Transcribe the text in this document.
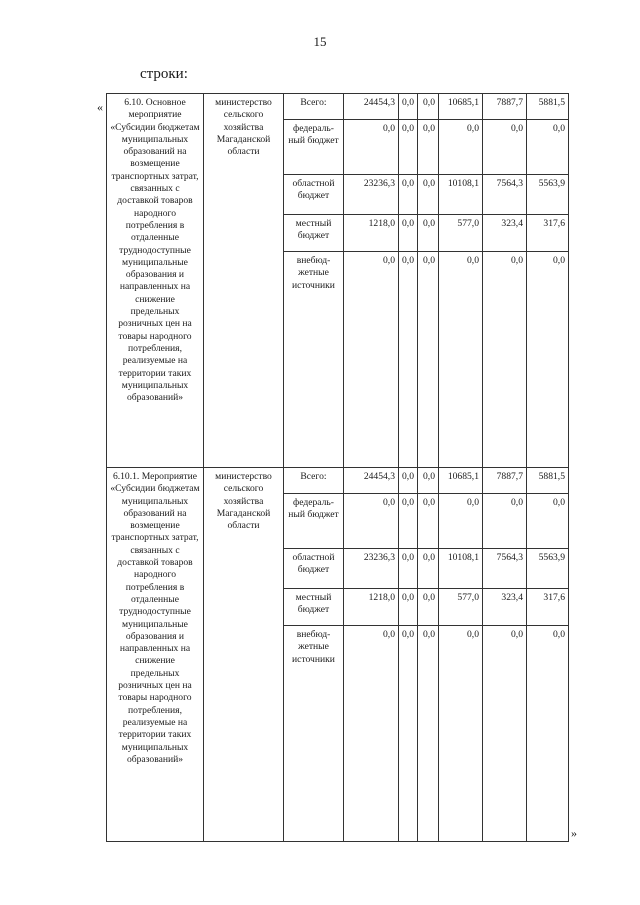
15
строки:
«
»
6.10. Основное мероприятие «Субсидии бюджетам муниципальных образований на возмещение транспортных затрат, связанных с доставкой товаров народного потребления в отдаленные труднодоступные муниципальные образования и направленных на снижение предельных розничных цен на товары народного потребления, реализуемые на территории таких муниципальных образований»	министерство сельского хозяйства Магаданской области	Всего:	24454,3	0,0	0,0	10685,1	7887,7	5881,5
		федераль-ный бюджет	0,0	0,0	0,0	0,0	0,0	0,0
		областной бюджет	23236,3	0,0	0,0	10108,1	7564,3	5563,9
		местный бюджет	1218,0	0,0	0,0	577,0	323,4	317,6
		внебюд-жетные источники	0,0	0,0	0,0	0,0	0,0	0,0
6.10.1. Мероприятие «Субсидии бюджетам муниципальных образований на возмещение транспортных затрат, связанных с доставкой товаров народного потребления в отдаленные труднодоступные муниципальные образования и направленных на снижение предельных розничных цен на товары народного потребления, реализуемые на территории таких муниципальных образований»	министерство сельского хозяйства Магаданской области	Всего:	24454,3	0,0	0,0	10685,1	7887,7	5881,5
		федераль-ный бюджет	0,0	0,0	0,0	0,0	0,0	0,0
		областной бюджет	23236,3	0,0	0,0	10108,1	7564,3	5563,9
		местный бюджет	1218,0	0,0	0,0	577,0	323,4	317,6
		внебюд-жетные источники	0,0	0,0	0,0	0,0	0,0	0,0
